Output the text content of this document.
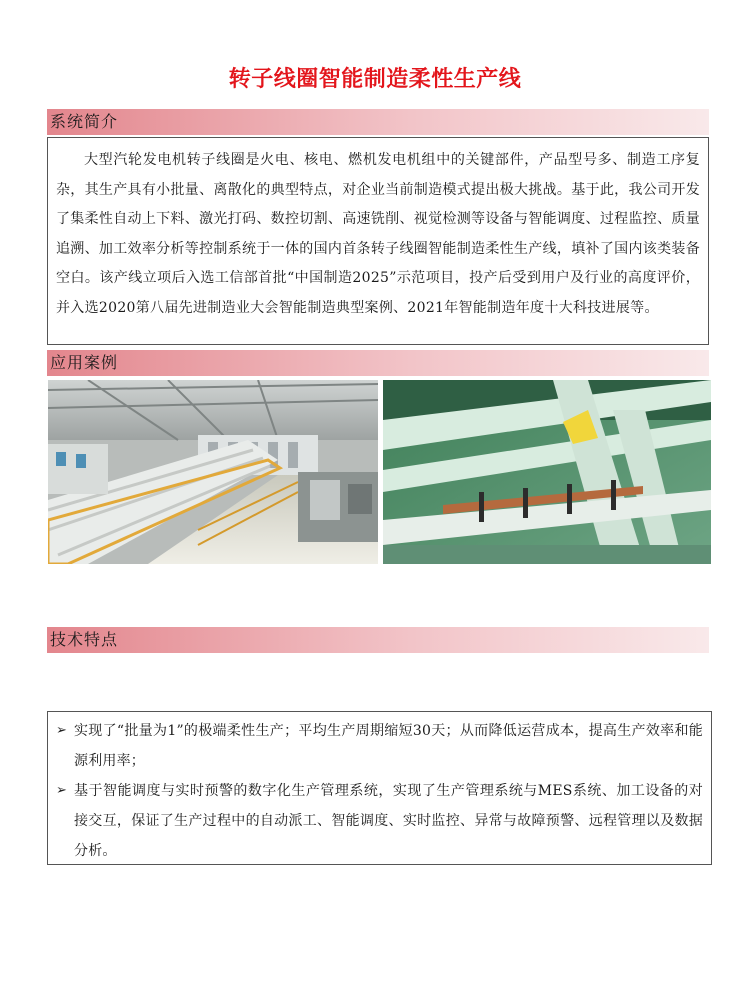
转子线圈智能制造柔性生产线
系统简介

大型汽轮发电机转子线圈是火电、核电、燃机发电机组中的关键部件，产品型号多、制造工序复杂，其生产具有小批量、离散化的典型特点，对企业当前制造模式提出极大挑战。基于此，我公司开发了集柔性自动上下料、激光打码、数控切割、高速铣削、视觉检测等设备与智能调度、过程监控、质量追溯、加工效率分析等控制系统于一体的国内首条转子线圈智能制造柔性生产线，填补了国内该类装备空白。该产线立项后入选工信部首批“中国制造2025”示范项目，投产后受到用户及行业的高度评价，并入选2020第八届先进制造业大会智能制造典型案例、2021年智能制造年度十大科技进展等。

应用案例
技术特点
➢ 实现了“批量为1”的极端柔性生产；平均生产周期缩短30天；从而降低运营成本，提高生产效率和能源利用率；
➢ 基于智能调度与实时预警的数字化生产管理系统，实现了生产管理系统与MES系统、加工设备的对接交互，保证了生产过程中的自动派工、智能调度、实时监控、异常与故障预警、远程管理以及数据分析。
